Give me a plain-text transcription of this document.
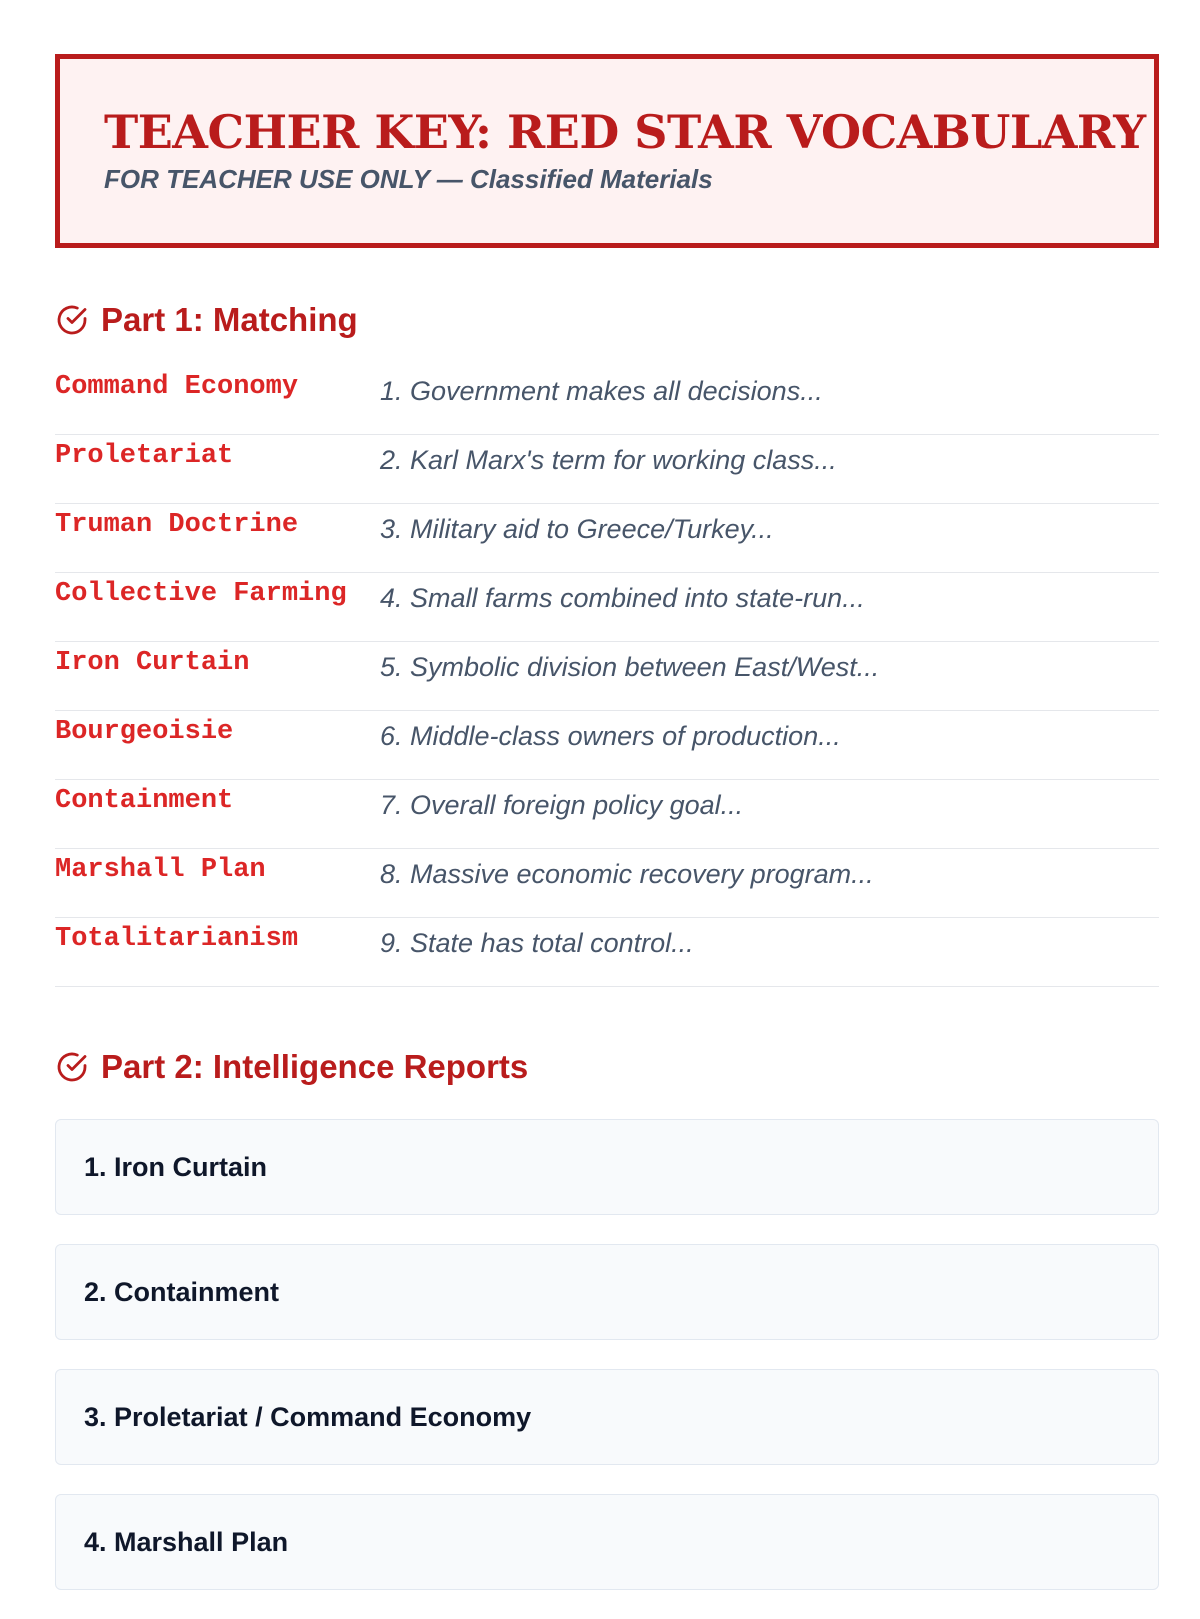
TEACHER KEY: RED STAR VOCABULARY
FOR TEACHER USE ONLY — Classified Materials
Part 1: Matching
Command Economy	1. Government makes all decisions...
Proletariat	2. Karl Marx's term for working class...
Truman Doctrine	3. Military aid to Greece/Turkey...
Collective Farming	4. Small farms combined into state-run...
Iron Curtain	5. Symbolic division between East/West...
Bourgeoisie	6. Middle-class owners of production...
Containment	7. Overall foreign policy goal...
Marshall Plan	8. Massive economic recovery program...
Totalitarianism	9. State has total control...
Part 2: Intelligence Reports
1. Iron Curtain
2. Containment
3. Proletariat / Command Economy
4. Marshall Plan
